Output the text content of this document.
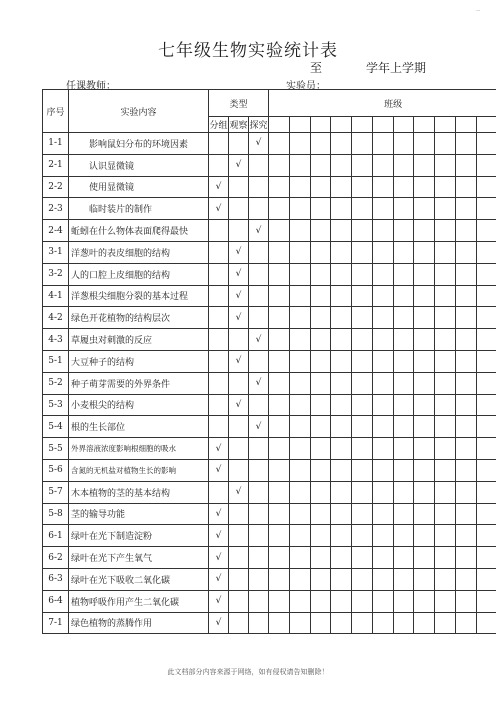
..
七年级生物实验统计表
至	学年上学期
任课教师：	实验员：
序号	实验内容	类型			班级											
		分组	观察	探究												
1-1	影响鼠妇分布的环境因素			√												
2-1	认识显微镜		√													
2-2	使用显微镜	√														
2-3	临时装片的制作	√														
2-4	蚯蚓在什么物体表面爬得最快			√												
3-1	洋葱叶的表皮细胞的结构		√													
3-2	人的口腔上皮细胞的结构		√													
4-1	洋葱根尖细胞分裂的基本过程		√													
4-2	绿色开花植物的结构层次		√													
4-3	草履虫对刺激的反应			√												
5-1	大豆种子的结构		√													
5-2	种子萌芽需要的外界条件			√												
5-3	小麦根尖的结构		√													
5-4	根的生长部位			√												
5-5	外界溶液浓度影响根细胞的吸水	√														
5-6	含氮的无机盐对植物生长的影响	√														
5-7	木本植物的茎的基本结构		√													
5-8	茎的输导功能	√														
6-1	绿叶在光下制造淀粉	√														
6-2	绿叶在光下产生氧气	√														
6-3	绿叶在光下吸收二氧化碳	√														
6-4	植物呼吸作用产生二氧化碳	√														
7-1	绿色植物的蒸腾作用	√														
此文档部分内容来源于网络，如有侵权请告知删除！
